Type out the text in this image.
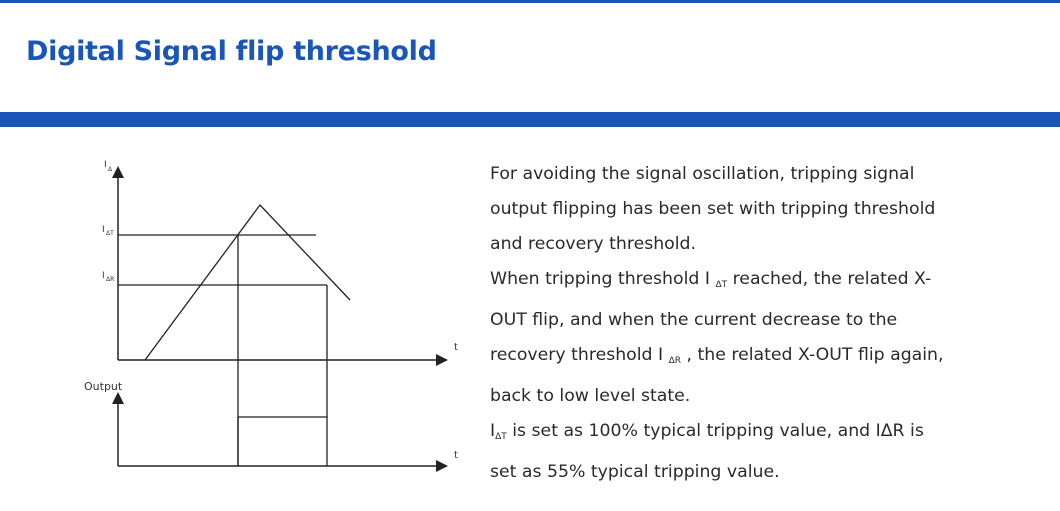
Digital Signal flip threshold
I Δ
I ΔT
I ΔR
t
Output
t
For avoiding the signal oscillation, tripping signal
output flipping has been set with tripping threshold
and recovery threshold.
When tripping threshold I $_{\Delta T}$ reached, the related X-
OUT flip, and when the current decrease to the
recovery threshold I $_{\Delta R}$ , the related X-OUT flip again,
back to low level state.
$I_{\Delta T}$ is set as 100% typical tripping value, and IΔR is
set as 55% typical tripping value.
